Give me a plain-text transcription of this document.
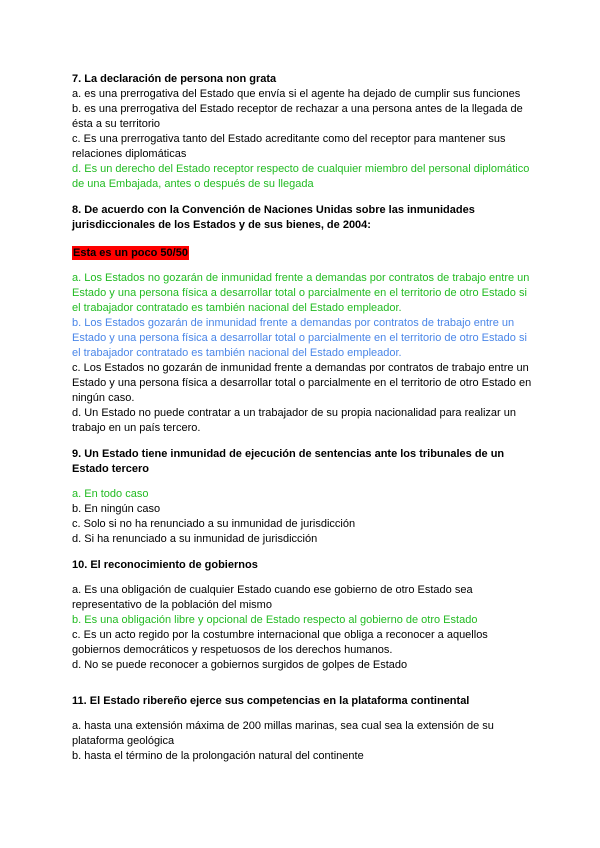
7. La declaración de persona non grata

a. es una prerrogativa del Estado que envía si el agente ha dejado de cumplir sus funciones

b. es una prerrogativa del Estado receptor de rechazar a una persona antes de la llegada de ésta a su territorio

c. Es una prerrogativa tanto del Estado acreditante como del receptor para mantener sus relaciones diplomáticas

d. Es un derecho del Estado receptor respecto de cualquier miembro del personal diplomático de una Embajada, antes o después de su llegada

8. De acuerdo con la Convención de Naciones Unidas sobre las inmunidades jurisdiccionales de los Estados y de sus bienes, de 2004:

Esta es un poco 50/50

a. Los Estados no gozarán de inmunidad frente a demandas por contratos de trabajo entre un Estado y una persona física a desarrollar total o parcialmente en el territorio de otro Estado si el trabajador contratado es también nacional del Estado empleador.

b. Los Estados gozarán de inmunidad frente a demandas por contratos de trabajo entre un Estado y una persona física a desarrollar total o parcialmente en el territorio de otro Estado si el trabajador contratado es también nacional del Estado empleador.

c. Los Estados no gozarán de inmunidad frente a demandas por contratos de trabajo entre un Estado y una persona física a desarrollar total o parcialmente en el territorio de otro Estado en ningún caso.

d. Un Estado no puede contratar a un trabajador de su propia nacionalidad para realizar un trabajo en un país tercero.

9. Un Estado tiene inmunidad de ejecución de sentencias ante los tribunales de un Estado tercero

a. En todo caso

b. En ningún caso

c. Solo si no ha renunciado a su inmunidad de jurisdicción

d. Si ha renunciado a su inmunidad de jurisdicción

10. El reconocimiento de gobiernos

a. Es una obligación de cualquier Estado cuando ese gobierno de otro Estado sea representativo de la población del mismo

b. Es una obligación libre y opcional de Estado respecto al gobierno de otro Estado

c. Es un acto regido por la costumbre internacional que obliga a reconocer a aquellos gobiernos democráticos y respetuosos de los derechos humanos.

d. No se puede reconocer a gobiernos surgidos de golpes de Estado

11. El Estado ribereño ejerce sus competencias en la plataforma continental

a. hasta una extensión máxima de 200 millas marinas, sea cual sea la extensión de su plataforma geológica

b. hasta el término de la prolongación natural del continente
